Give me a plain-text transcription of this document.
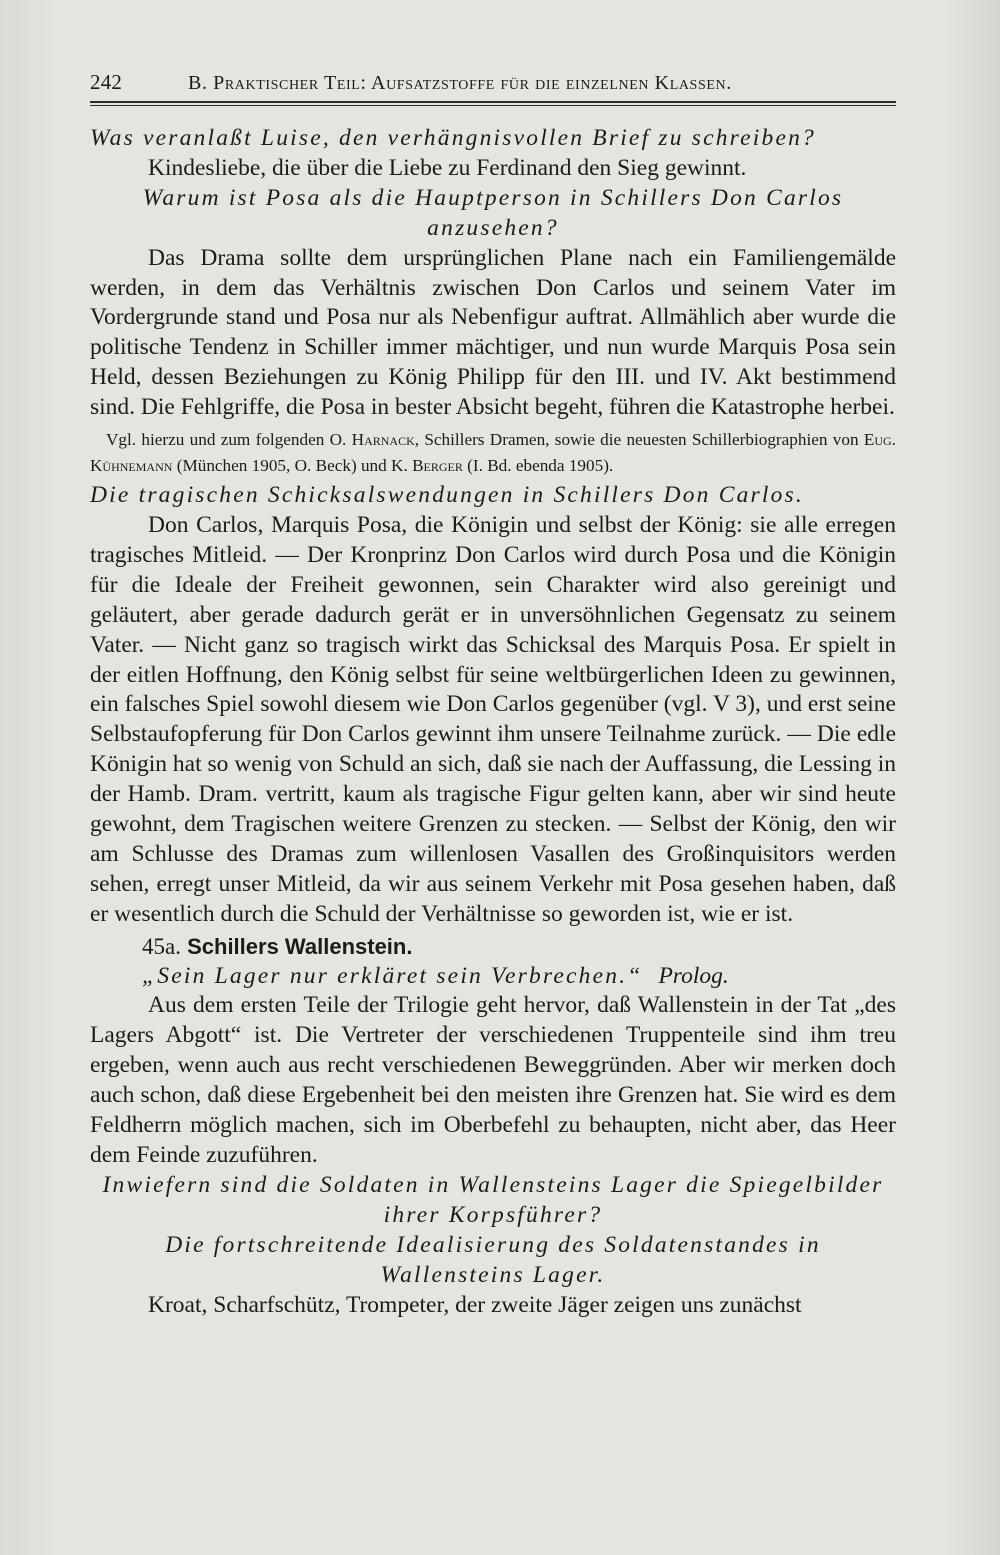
242	B. Praktischer Teil: Aufsatzstoffe für die einzelnen Klassen.
Was veranlaßt Luise, den verhängnisvollen Brief zu schreiben?
Kindesliebe, die über die Liebe zu Ferdinand den Sieg gewinnt.
Warum ist Posa als die Hauptperson in Schillers Don Carlos anzusehen?
Das Drama sollte dem ursprünglichen Plane nach ein Familiengemälde werden, in dem das Verhältnis zwischen Don Carlos und seinem Vater im Vordergrunde stand und Posa nur als Nebenfigur auftrat. Allmählich aber wurde die politische Tendenz in Schiller immer mächtiger, und nun wurde Marquis Posa sein Held, dessen Beziehungen zu König Philipp für den III. und IV. Akt bestimmend sind. Die Fehlgriffe, die Posa in bester Absicht begeht, führen die Katastrophe herbei.
Vgl. hierzu und zum folgenden O. Harnack, Schillers Dramen, sowie die neuesten Schillerbiographien von Eug. Kühnemann (München 1905, O. Beck) und K. Berger (I. Bd. ebenda 1905).
Die tragischen Schicksalswendungen in Schillers Don Carlos.
Don Carlos, Marquis Posa, die Königin und selbst der König: sie alle erregen tragisches Mitleid. — Der Kronprinz Don Carlos wird durch Posa und die Königin für die Ideale der Freiheit gewonnen, sein Charakter wird also gereinigt und geläutert, aber gerade dadurch gerät er in unversöhnlichen Gegensatz zu seinem Vater. — Nicht ganz so tragisch wirkt das Schicksal des Marquis Posa. Er spielt in der eitlen Hoffnung, den König selbst für seine weltbürgerlichen Ideen zu gewinnen, ein falsches Spiel sowohl diesem wie Don Carlos gegenüber (vgl. V 3), und erst seine Selbstaufopferung für Don Carlos gewinnt ihm unsere Teilnahme zurück. — Die edle Königin hat so wenig von Schuld an sich, daß sie nach der Auffassung, die Lessing in der Hamb. Dram. vertritt, kaum als tragische Figur gelten kann, aber wir sind heute gewohnt, dem Tragischen weitere Grenzen zu stecken. — Selbst der König, den wir am Schlusse des Dramas zum willenlosen Vasallen des Großinquisitors werden sehen, erregt unser Mitleid, da wir aus seinem Verkehr mit Posa gesehen haben, daß er wesentlich durch die Schuld der Verhältnisse so geworden ist, wie er ist.
45a. Schillers Wallenstein.
„Sein Lager nur erkläret sein Verbrechen.“ Prolog.
Aus dem ersten Teile der Trilogie geht hervor, daß Wallenstein in der Tat „des Lagers Abgott“ ist. Die Vertreter der verschiedenen Truppenteile sind ihm treu ergeben, wenn auch aus recht verschiedenen Beweggründen. Aber wir merken doch auch schon, daß diese Ergebenheit bei den meisten ihre Grenzen hat. Sie wird es dem Feldherrn möglich machen, sich im Oberbefehl zu behaupten, nicht aber, das Heer dem Feinde zuzuführen.
Inwiefern sind die Soldaten in Wallensteins Lager die Spiegelbilder ihrer Korpsführer?
Die fortschreitende Idealisierung des Soldatenstandes in Wallensteins Lager.
Kroat, Scharfschütz, Trompeter, der zweite Jäger zeigen uns zunächst
